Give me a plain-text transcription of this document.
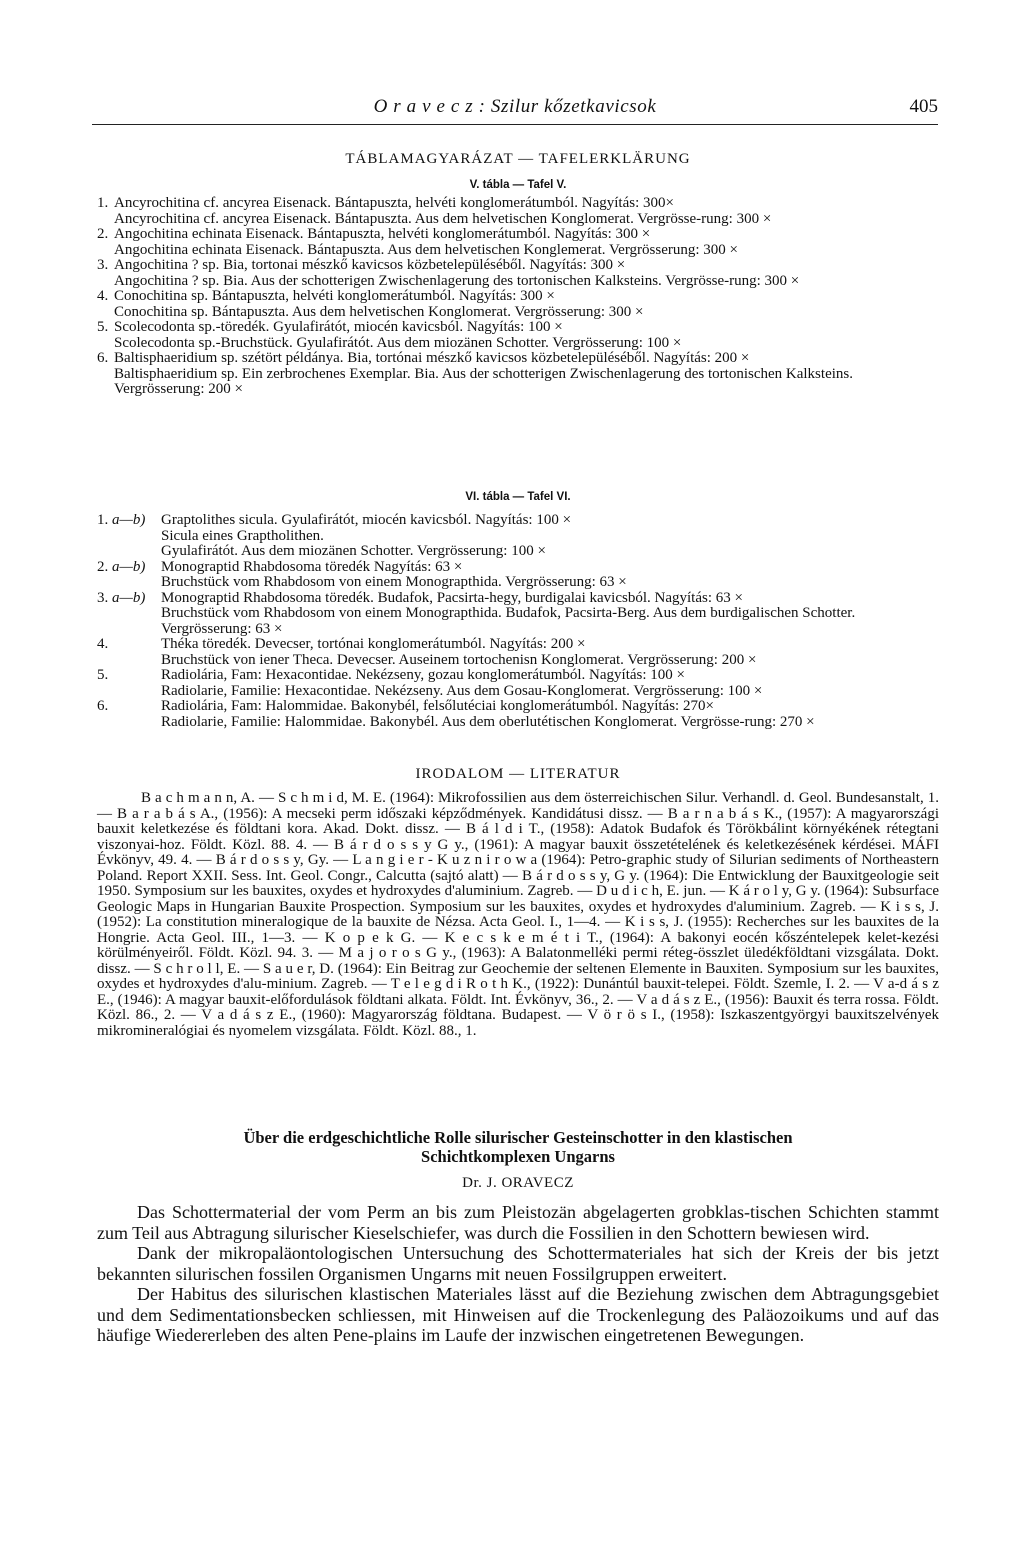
O r a v e c z : Szilur kőzetkavicsok	405
TÁBLAMAGYARÁZAT — TAFELERKLÄRUNG
V. tábla — Tafel V.
1. Ancyrochitina cf. ancyrea Eisenack. Bántapuszta, helvéti konglomerátumból. Nagyítás: 300×
Ancyrochitina cf. ancyrea Eisenack. Bántapuszta. Aus dem helvetischen Konglomerat. Vergrösse-rung: 300 ×
2. Angochitina echinata Eisenack. Bántapuszta, helvéti konglomerátumból. Nagyítás: 300 ×
Angochitina echinata Eisenack. Bántapuszta. Aus dem helvetischen Konglemerat. Vergrösserung: 300 ×
3. Angochitina ? sp. Bia, tortonai mészkő kavicsos közbetelepüléséből. Nagyítás: 300 ×
Angochitina ? sp. Bia. Aus der schotterigen Zwischenlagerung des tortonischen Kalksteins. Vergrösse-rung: 300 ×
4. Conochitina sp. Bántapuszta, helvéti konglomerátumból. Nagyítás: 300 ×
Conochitina sp. Bántapuszta. Aus dem helvetischen Konglomerat. Vergrösserung: 300 ×
5. Scolecodonta sp.-töredék. Gyulafirátót, miocén kavicsból. Nagyítás: 100 ×
Scolecodonta sp.-Bruchstück. Gyulafirátót. Aus dem miozänen Schotter. Vergrösserung: 100 ×
6. Baltisphaeridium sp. szétört példánya. Bia, tortónai mészkő kavicsos közbetelepüléséből. Nagyítás: 200 ×
Baltisphaeridium sp. Ein zerbrochenes Exemplar. Bia. Aus der schotterigen Zwischenlagerung des tortonischen Kalksteins. Vergrösserung: 200 ×
VI. tábla — Tafel VI.
1. a—b) Graptolithes sicula. Gyulafirátót, miocén kavicsból. Nagyítás: 100 ×
Sicula eines Graptholithen.
Gyulafirátót. Aus dem miozänen Schotter. Vergrösserung: 100 ×
2. a—b) Monograptid Rhabdosoma töredék Nagyítás: 63 ×
Bruchstück vom Rhabdosom von einem Monograpthida. Vergrösserung: 63 ×
3. a—b) Monograptid Rhabdosoma töredék. Budafok, Pacsirta-hegy, burdigalai kavicsból. Nagyítás: 63 ×
Bruchstück vom Rhabdosom von einem Monograpthida. Budafok, Pacsirta-Berg. Aus dem burdigalischen Schotter. Vergrösserung: 63 ×
4.	Théka töredék. Devecser, tortónai konglomerátumból. Nagyítás: 200 ×
Bruchstück von iener Theca. Devecser. Auseinem tortochenisn Konglomerat. Vergrösserung: 200 ×
5.	Radiolária, Fam: Hexacontidae. Nekézseny, gozau konglomerátumból. Nagyítás: 100 ×
Radiolarie, Familie: Hexacontidae. Nekézseny. Aus dem Gosau-Konglomerat. Vergrösserung: 100 ×
6.	Radiolária, Fam: Halommidae. Bakonybél, felsőlutéciai konglomerátumból. Nagyítás: 270×
Radiolarie, Familie: Halommidae. Bakonybél. Aus dem oberlutétischen Konglomerat. Vergrösse-rung: 270 ×
IRODALOM — LITERATUR

B a c h m a n n, A. — S c h m i d, M. E. (1964): Mikrofossilien aus dem österreichischen Silur. Verhandl. d. Geol. Bundesanstalt, 1. — B a r a b á s A., (1956): A mecseki perm időszaki képződmények. Kandidátusi dissz. — B a r n a b á s K., (1957): A magyarországi bauxit keletkezése és földtani kora. Akad. Dokt. dissz. — B á l d i T., (1958): Adatok Budafok és Törökbálint környékének rétegtani viszonyai-hoz. Földt. Közl. 88. 4. — B á r d o s s y G y., (1961): A magyar bauxit összetételének és keletkezésének kérdései. MÁFI Évkönyv, 49. 4. — B á r d o s s y, Gy. — L a n g i e r - K u z n i r o w a (1964): Petro-graphic study of Silurian sediments of Northeastern Poland. Report XXII. Sess. Int. Geol. Congr., Calcutta (sajtó alatt) — B á r d o s s y, G y. (1964): Die Entwicklung der Bauxitgeologie seit 1950. Symposium sur les bauxites, oxydes et hydroxydes d'aluminium. Zagreb. — D u d i c h, E. jun. — K á r o l y, G y. (1964): Subsurface Geologic Maps in Hungarian Bauxite Prospection. Symposium sur les bauxites, oxydes et hydroxydes d'aluminium. Zagreb. — K i s s, J. (1952): La constitution mineralogique de la bauxite de Nézsa. Acta Geol. I., 1—4. — K i s s, J. (1955): Recherches sur les bauxites de la Hongrie. Acta Geol. III., 1—3. — K o p e k G. — K e c s k e m é t i T., (1964): A bakonyi eocén kőszéntelepek kelet-kezési körülményeiről. Földt. Közl. 94. 3. — M a j o r o s G y., (1963): A Balatonmelléki permi réteg-összlet üledékföldtani vizsgálata. Dokt. dissz. — S c h r o l l, E. — S a u e r, D. (1964): Ein Beitrag zur Geochemie der seltenen Elemente in Bauxiten. Symposium sur les bauxites, oxydes et hydroxydes d'alu-minium. Zagreb. — T e l e g d i R o t h K., (1922): Dunántúl bauxit-telepei. Földt. Szemle, I. 2. — V a-d á s z E., (1946): A magyar bauxit-előfordulások földtani alkata. Földt. Int. Évkönyv, 36., 2. — V a d á s z E., (1956): Bauxit és terra rossa. Földt. Közl. 86., 2. — V a d á s z E., (1960): Magyarország földtana. Budapest. — V ö r ö s I., (1958): Iszkaszentgyörgyi bauxitszelvények mikromineralógiai és nyomelem vizsgálata. Földt. Közl. 88., 1.

Über die erdgeschichtliche Rolle silurischer Gesteinschotter in den klastischen
Schichtkomplexen Ungarns
Dr. J. ORAVECZ

Das Schottermaterial der vom Perm an bis zum Pleistozän abgelagerten grobklas-tischen Schichten stammt zum Teil aus Abtragung silurischer Kieselschiefer, was durch die Fossilien in den Schottern bewiesen wird.

Dank der mikropaläontologischen Untersuchung des Schottermateriales hat sich der Kreis der bis jetzt bekannten silurischen fossilen Organismen Ungarns mit neuen Fossilgruppen erweitert.

Der Habitus des silurischen klastischen Materiales lässt auf die Beziehung zwischen dem Abtragungsgebiet und dem Sedimentationsbecken schliessen, mit Hinweisen auf die Trockenlegung des Paläozoikums und auf das häufige Wiedererleben des alten Pene-plains im Laufe der inzwischen eingetretenen Bewegungen.
